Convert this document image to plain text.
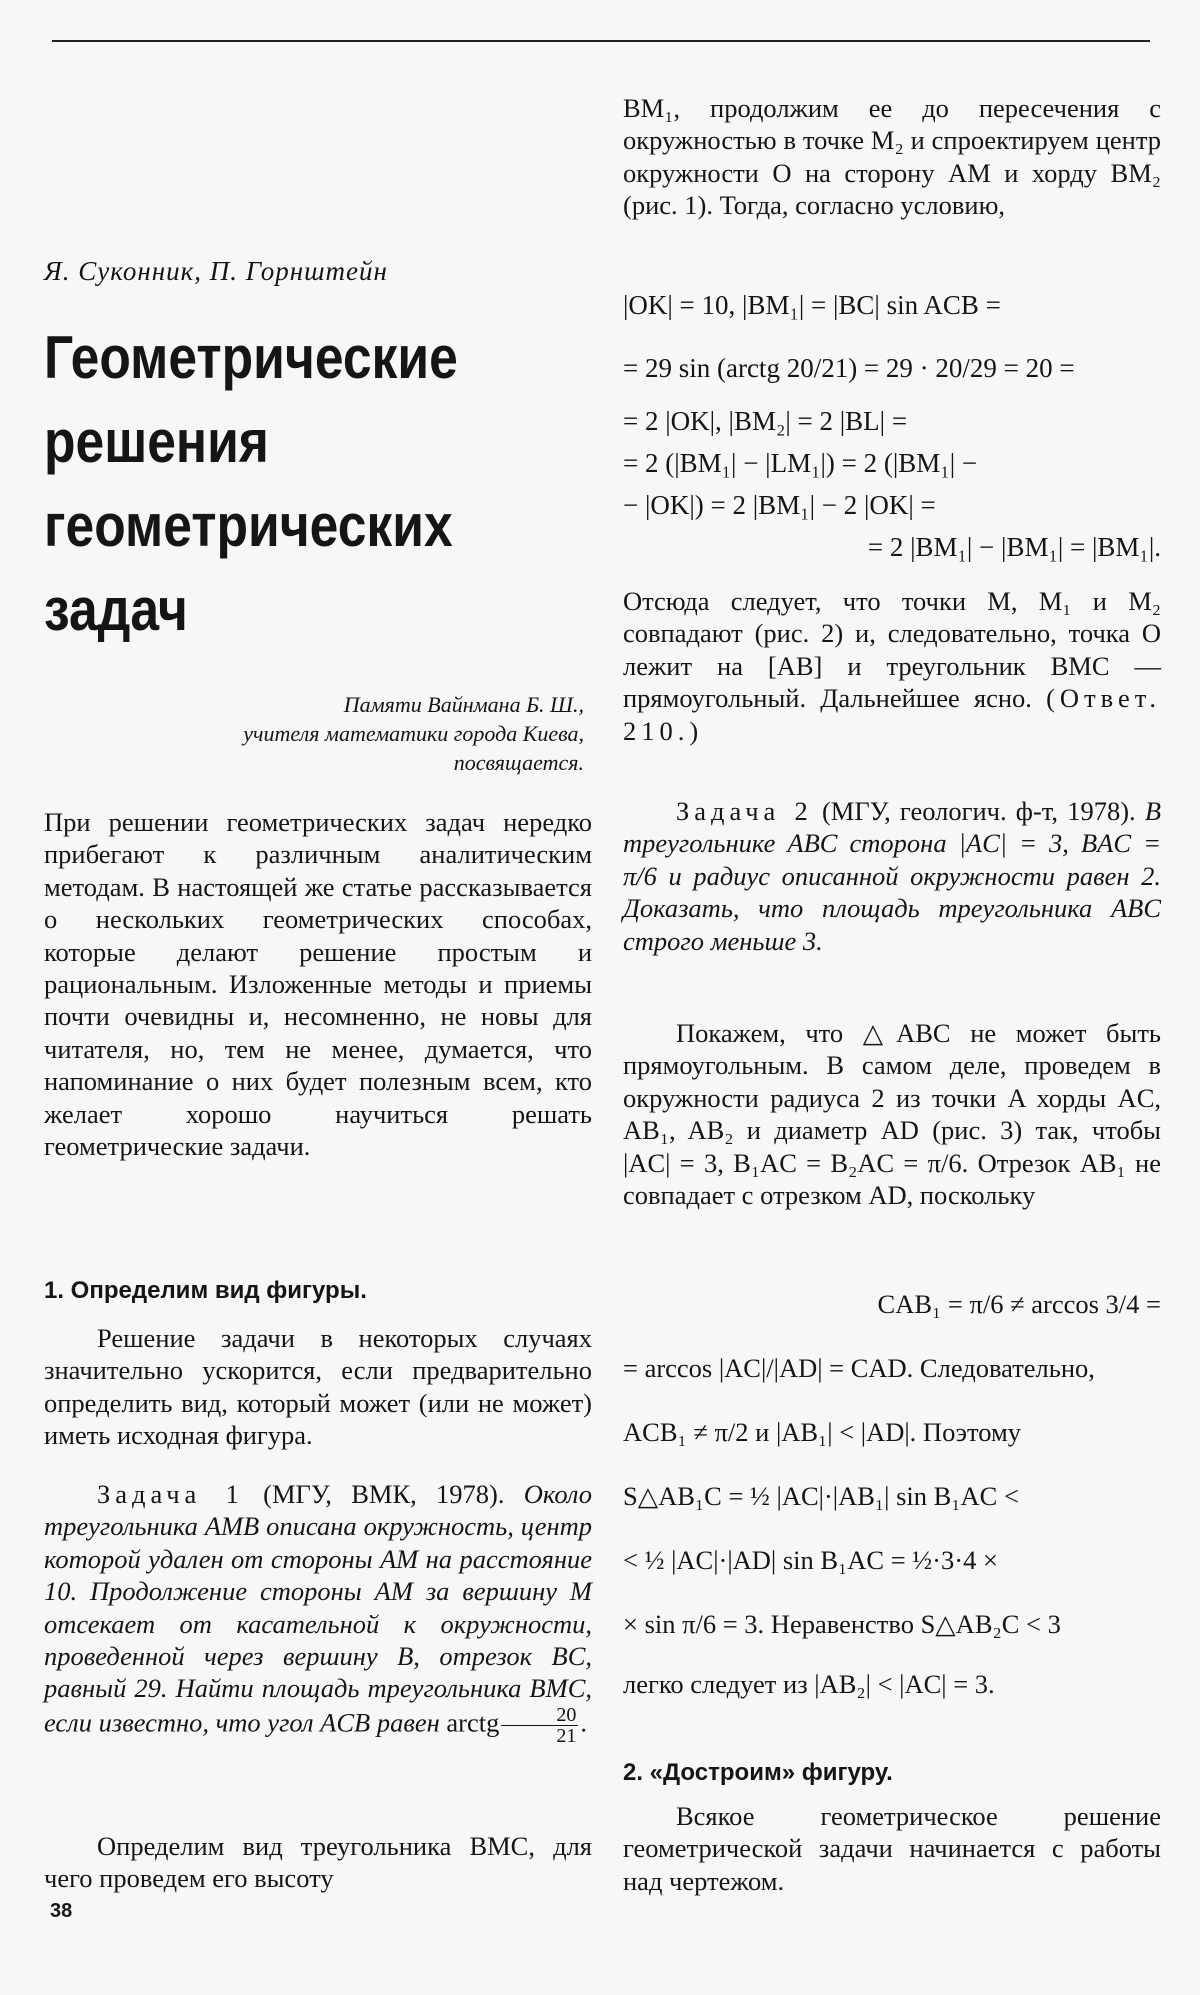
Я. Суконник, П. Горнштейн
Геометрические
решения
геометрических
задач
Памяти Вайнмана Б. Ш.,
учителя математики города Киева,
посвящается.

При решении геометрических задач нередко прибегают к различным аналитическим методам. В настоящей же статье рассказывается о нескольких геометрических способах, которые делают решение простым и рациональным. Изложенные методы и приемы почти очевидны и, несомненно, не новы для читателя, но, тем не менее, думается, что напоминание о них будет полезным всем, кто желает хорошо научиться решать геометрические задачи.

1. Определим вид фигуры.

Решение задачи в некоторых случаях значительно ускорится, если предварительно определить вид, который может (или не может) иметь исходная фигура.

Задача 1 (МГУ, ВМК, 1978). Около треугольника AMB описана окружность, центр которой удален от стороны AM на расстояние 10. Продолжение стороны AM за вершину M отсекает от касательной к окружности, проведенной через вершину B, отрезок BC, равный 29. Найти площадь треугольника BMC, если известно, что угол ACB равен arctg $\frac{20}{21}$ .

Определим вид треугольника BMC, для чего проведем его высоту

BM₁, продолжим ее до пересечения с окружностью в точке M₂ и спроектируем центр окружности O на сторону AM и хорду BM₂ (рис. 1). Тогда, согласно условию,

|OK| = 10, |BM₁| = |BC| sin ACB =
= 29 sin (arctg 20/21) = 29 · 20/29 = 20 =
= 2 |OK|, |BM₂| = 2 |BL| =
= 2 (|BM₁| − |LM₁|) = 2 (|BM₁| −
− |OK|) = 2 |BM₁| − 2 |OK| =
= 2 |BM₁| − |BM₁| = |BM₁|.

Отсюда следует, что точки M, M₁ и M₂ совпадают (рис. 2) и, следовательно, точка O лежит на [AB] и треугольник BMC — прямоугольный. Дальнейшее ясно. (Ответ. 210.)

Задача 2 (МГУ, геологич. ф-т, 1978). В треугольнике ABC сторона |AC| = 3, BAC = π/6 и радиус описанной окружности равен 2. Доказать, что площадь треугольника ABC строго меньше 3.

Покажем, что △ABC не может быть прямоугольным. В самом деле, проведем в окружности радиуса 2 из точки A хорды AC, AB₁, AB₂ и диаметр AD (рис. 3) так, чтобы |AC| = 3, B₁AC = B₂AC = π/6. Отрезок AB₁ не совпадает с отрезком AD, поскольку

CAB₁ = π/6 ≠ arccos 3/4 =
= arccos |AC|/|AD| = CAD. Следовательно,
ACB₁ ≠ π/2 и |AB₁| < |AD|. Поэтому
S△AB₁C = ½ |AC|·|AB₁| sin B₁AC <
< ½ |AC|·|AD| sin B₁AC = ½·3·4 ×
× sin π/6 = 3. Неравенство S△AB₂C < 3

легко следует из |AB₂| < |AC| = 3.

2. «Достроим» фигуру.

Всякое геометрическое решение геометрической задачи начинается с работы над чертежом.

38
